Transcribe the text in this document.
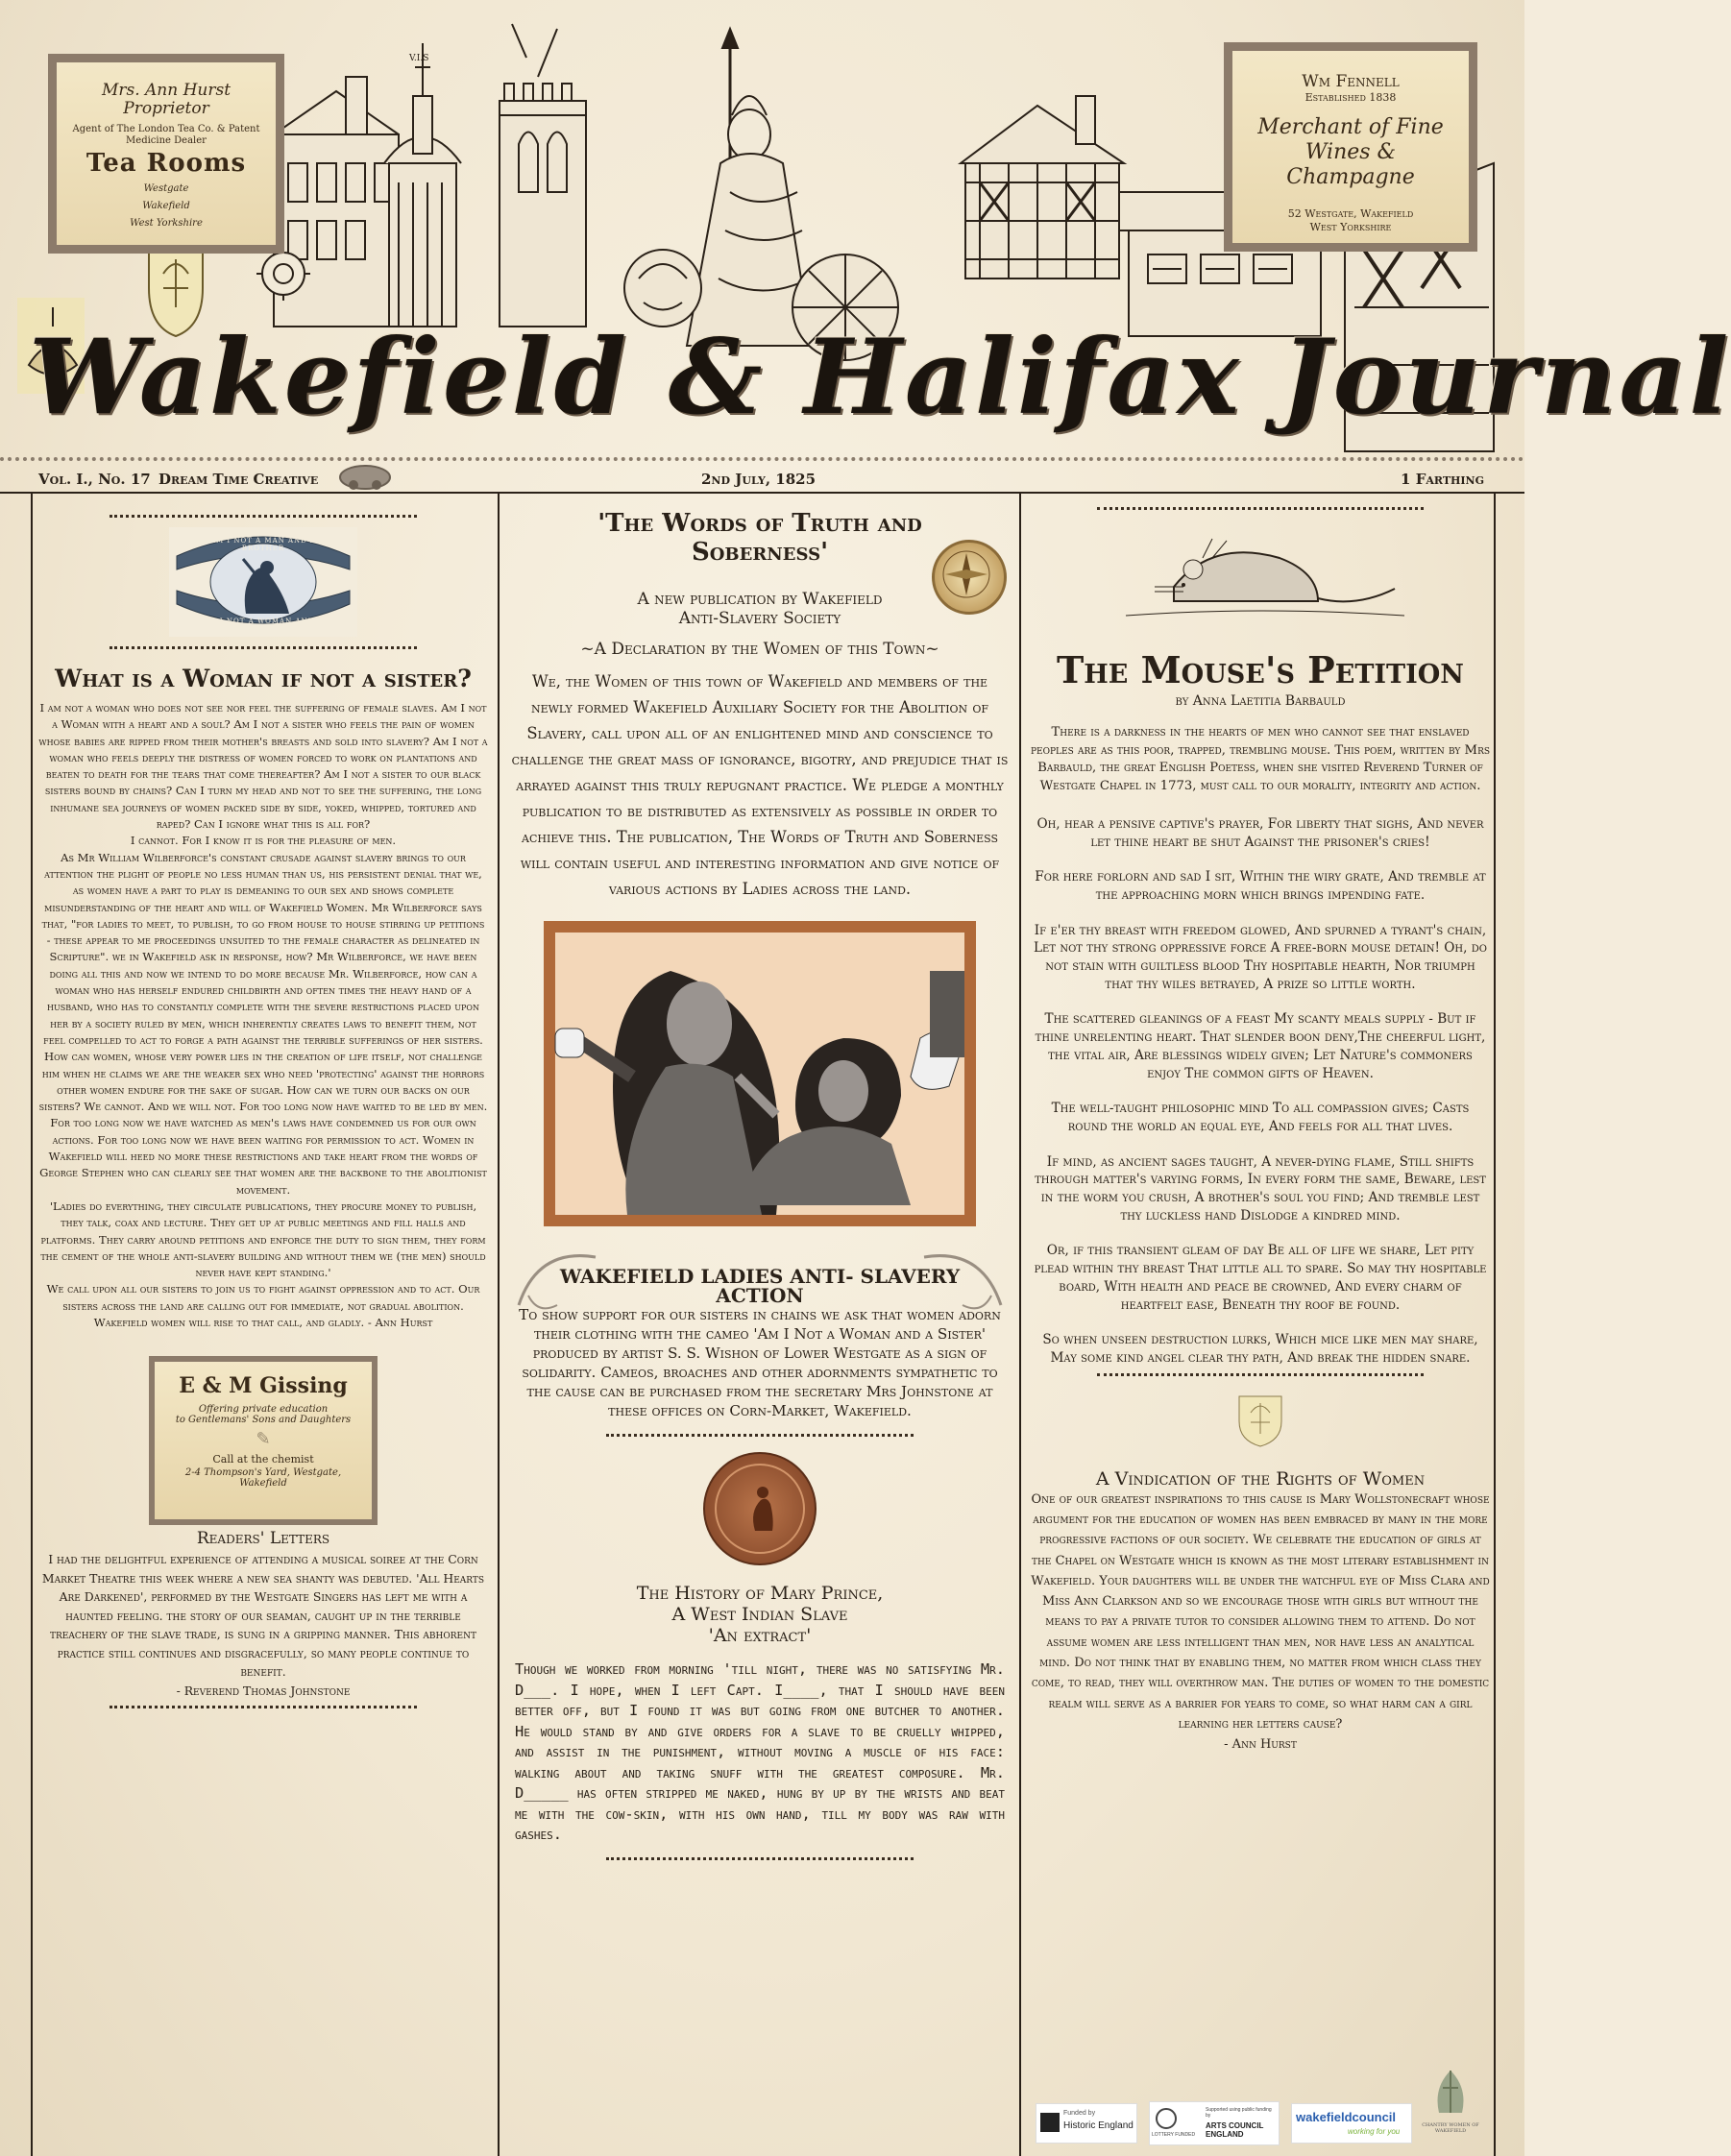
Mrs. Ann Hurst
Proprietor
Agent of The London Tea Co. & Patent Medicine Dealer
Tea Rooms
Westgate
Wakefield
West Yorkshire
Wm Fennell
Established 1838
Merchant of Fine
Wines & Champagne
52 Westgate, Wakefield
West Yorkshire
V.I.S
Wakefield & Halifax Journal
Vol. I., No. 17 Dream Time Creative	2nd July, 1825	1 Farthing
AM I NOT A MAN AND A BROTHER
AM I NOT A WOMAN AND A SISTER
What is a Woman if not a sister?
I am not a woman who does not see nor feel the suffering of female slaves. Am I not a Woman with a heart and a soul? Am I not a sister who feels the pain of women whose babies are ripped from their mother's breasts and sold into slavery? Am I not a woman who feels deeply the distress of women forced to work on plantations and beaten to death for the tears that come thereafter? Am I not a sister to our black sisters bound by chains? Can I turn my head and not to see the suffering, the long inhumane sea journeys of women packed side by side, yoked, whipped, tortured and raped? Can I ignore what this is all for?
I cannot. For I know it is for the pleasure of men.
As Mr William Wilberforce's constant crusade against slavery brings to our attention the plight of people no less human than us, his persistent denial that we, as women have a part to play is demeaning to our sex and shows complete misunderstanding of the heart and will of Wakefield Women. Mr Wilberforce says that, "for ladies to meet, to publish, to go from house to house stirring up petitions - these appear to me proceedings unsuited to the female character as delineated in Scripture". we in Wakefield ask in response, how? Mr Wilberforce, we have been doing all this and now we intend to do more because Mr. Wilberforce, how can a woman who has herself endured childbirth and often times the heavy hand of a husband, who has to constantly complete with the severe restrictions placed upon her by a society ruled by men, which inherently creates laws to benefit them, not feel compelled to act to forge a path against the terrible sufferings of her sisters.
How can women, whose very power lies in the creation of life itself, not challenge him when he claims we are the weaker sex who need 'protecting' against the horrors other women endure for the sake of sugar. How can we turn our backs on our sisters? We cannot. And we will not. For too long now have waited to be led by men. For too long now we have watched as men's laws have condemned us for our own actions. For too long now we have been waiting for permission to act. Women in Wakefield will heed no more these restrictions and take heart from the words of George Stephen who can clearly see that women are the backbone to the abolitionist movement.
'Ladies do everything, they circulate publications, they procure money to publish, they talk, coax and lecture. They get up at public meetings and fill halls and platforms. They carry around petitions and enforce the duty to sign them, they form the cement of the whole anti-slavery building and without them we (the men) should never have kept standing.'
We call upon all our sisters to join us to fight against oppression and to act. Our sisters across the land are calling out for immediate, not gradual abolition. Wakefield women will rise to that call, and gladly. - Ann Hurst
E & M Gissing
Offering private education
to Gentlemans' Sons and Daughters
✎
Call at the chemist
2-4 Thompson's Yard, Westgate,
Wakefield
Readers' Letters
I had the delightful experience of attending a musical soiree at the Corn Market Theatre this week where a new sea shanty was debuted. 'All Hearts Are Darkened', performed by the Westgate Singers has left me with a haunted feeling. the story of our seaman, caught up in the terrible treachery of the slave trade, is sung in a gripping manner. This abhorent practice still continues and disgracefully, so many people continue to benefit.
- Reverend Thomas Johnstone
'The Words of Truth and Soberness'
A new publication by Wakefield
Anti-Slavery Society
~A Declaration by the Women of this Town~
We, the Women of this town of Wakefield and members of the newly formed Wakefield Auxiliary Society for the Abolition of Slavery, call upon all of an enlightened mind and conscience to challenge the great mass of ignorance, bigotry, and prejudice that is arrayed against this truly repugnant practice. We pledge a monthly publication to be distributed as extensively as possible in order to achieve this. The publication, The Words of Truth and Soberness will contain useful and interesting information and give notice of various actions by Ladies across the land.
WAKEFIELD LADIES ANTI- SLAVERY ACTION
To show support for our sisters in chains we ask that women adorn their clothing with the cameo 'Am I Not a Woman and a Sister' produced by artist S. S. Wishon of Lower Westgate as a sign of solidarity. Cameos, broaches and other adornments sympathetic to the cause can be purchased from the secretary Mrs Johnstone at these offices on Corn-Market, Wakefield.
The History of Mary Prince,
A West Indian Slave
'An extract'
Though we worked from morning 'till night, there was no satisfying Mr. D___. I hope, when I left Capt. I____, that I should have been better off, but I found it was but going from one butcher to another. He would stand by and give orders for a slave to be cruelly whipped, and assist in the punishment, without moving a muscle of his face: walking about and taking snuff with the greatest composure. Mr. D_____ has often stripped me naked, hung by up by the wrists and beat me with the cow-skin, with his own hand, till my body was raw with gashes.
The Mouse's Petition
by Anna Laetitia Barbauld
There is a darkness in the hearts of men who cannot see that enslaved peoples are as this poor, trapped, trembling mouse. This poem, written by Mrs Barbauld, the great English Poetess, when she visited Reverend Turner of Westgate Chapel in 1773, must call to our morality, integrity and action.
Oh, hear a pensive captive's prayer, For liberty that sighs, And never let thine heart be shut Against the prisoner's cries!
For here forlorn and sad I sit, Within the wiry grate, And tremble at the approaching morn which brings impending fate.
If e'er thy breast with freedom glowed, And spurned a tyrant's chain, Let not thy strong oppressive force A free-born mouse detain! Oh, do not stain with guiltless blood Thy hospitable hearth, Nor triumph that thy wiles betrayed, A prize so little worth.
The scattered gleanings of a feast My scanty meals supply - But if thine unrelenting heart. That slender boon deny,The cheerful light, the vital air, Are blessings widely given; Let Nature's commoners enjoy The common gifts of Heaven.
The well-taught philosophic mind To all compassion gives; Casts round the world an equal eye, And feels for all that lives.
If mind, as ancient sages taught, A never-dying flame, Still shifts through matter's varying forms, In every form the same, Beware, lest in the worm you crush, A brother's soul you find; And tremble lest thy luckless hand Dislodge a kindred mind.
Or, if this transient gleam of day Be all of life we share, Let pity plead within thy breast That little all to spare. So may thy hospitable board, With health and peace be crowned, And every charm of heartfelt ease, Beneath thy roof be found.
So when unseen destruction lurks, Which mice like men may share, May some kind angel clear thy path, And break the hidden snare.
A Vindication of the Rights of Women
One of our greatest inspirations to this cause is Mary Wollstonecraft whose argument for the education of women has been embraced by many in the more progressive factions of our society. We celebrate the education of girls at the Chapel on Westgate which is known as the most literary establishment in Wakefield. Your daughters will be under the watchful eye of Miss Clara and Miss Ann Clarkson and so we encourage those with girls but without the means to pay a private tutor to consider allowing them to attend. Do not assume women are less intelligent than men, nor have less an analytical mind. Do not think that by enabling them, no matter from which class they come, to read, they will overthrow man. The duties of women to the domestic realm will serve as a barrier for years to come, so what harm can a girl learning her letters cause?
- Ann Hurst
Funded by
Historic England
LOTTERY FUNDED
Supported using public funding by
ARTS COUNCIL ENGLAND
wakefieldcouncil
working for you
CHANTRY WOMEN OF WAKEFIELD
